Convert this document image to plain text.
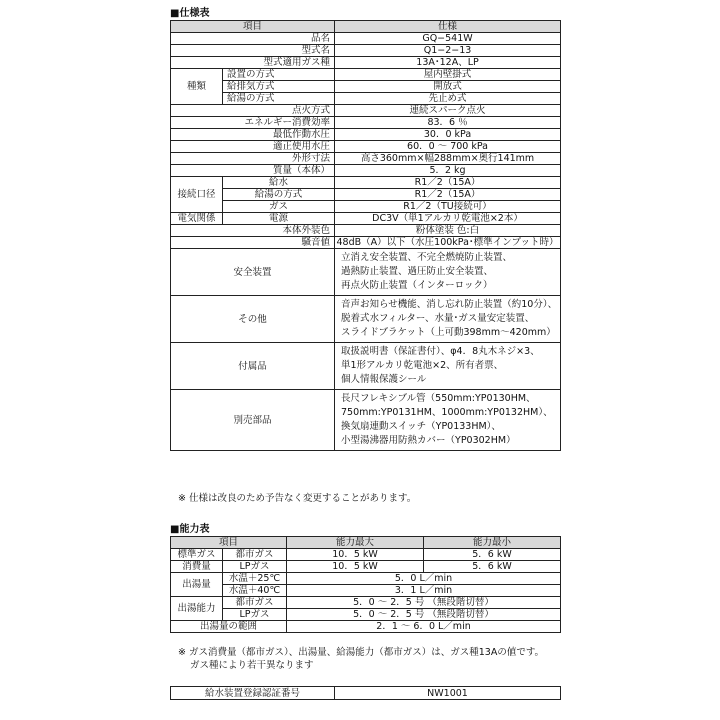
■仕様表
項目		仕様
品名		GQ−541W
型式名		Q1−2−13
型式適用ガス種		13A･12A、LP
種類	設置の方式	屋内壁掛式
	給排気方式	開放式
	給湯の方式	先止め式
点火方式		連続スパーク点火
エネルギー消費効率		83．6 ％
最低作動水圧		30．0 kPa
適正使用水圧		60．0 〜 700 kPa
外形寸法		高さ360mm×幅288mm×奥行141mm
質量（本体）		5．2 kg
接続口径	給水	R1／2（15A）
	給湯の方式	R1／2（15A）
	ガス	R1／2（TU接続可）
電気関係	電源	DC3V（単1アルカリ乾電池×2本）
本体外装色		粉体塗装 色:白
騒音値		48dB（A）以下（水圧100kPa･標準インプット時）
安全装置		立消え安全装置、不完全燃焼防止装置、
過熱防止装置、過圧防止安全装置、
再点火防止装置（インターロック）

その他		音声お知らせ機能、消し忘れ防止装置（約10分）、
脱着式水フィルター、水量･ガス量安定装置、
スライドブラケット（上可動398mm〜420mm）

付属品		取扱説明書（保証書付）、φ4．8丸木ネジ×3、
単1形アルカリ乾電池×2、所有者票、
個人情報保護シール

別売部品		長尺フレキシブル管（550mm:YP0130HM、
750mm:YP0131HM、1000mm:YP0132HM）、
換気扇連動スイッチ（YP0133HM）、
小型湯沸器用防熱カバー（YP0302HM）
※ 仕様は改良のため予告なく変更することがあります。
■能力表
項目		能力最大	能力最小
標準ガス	都市ガス	10．5 kW	5．6 kW
消費量	LPガス	10．5 kW	5．6 kW
出湯量	水温＋25℃	5．0 L／min	
	水温＋40℃	3．1 L／min	
出湯能力	都市ガス	5．0 〜 2．5 号 （無段階切替）	
	LPガス	5．0 〜 2．5 号 （無段階切替）	
出湯量の範囲		2．1 〜 6．0 L／min	
※ ガス消費量（都市ガス）、出湯量、給湯能力（都市ガス）は、ガス種13Aの値です。
ガス種により若干異なります
給水装置登録認証番号	NW1001
